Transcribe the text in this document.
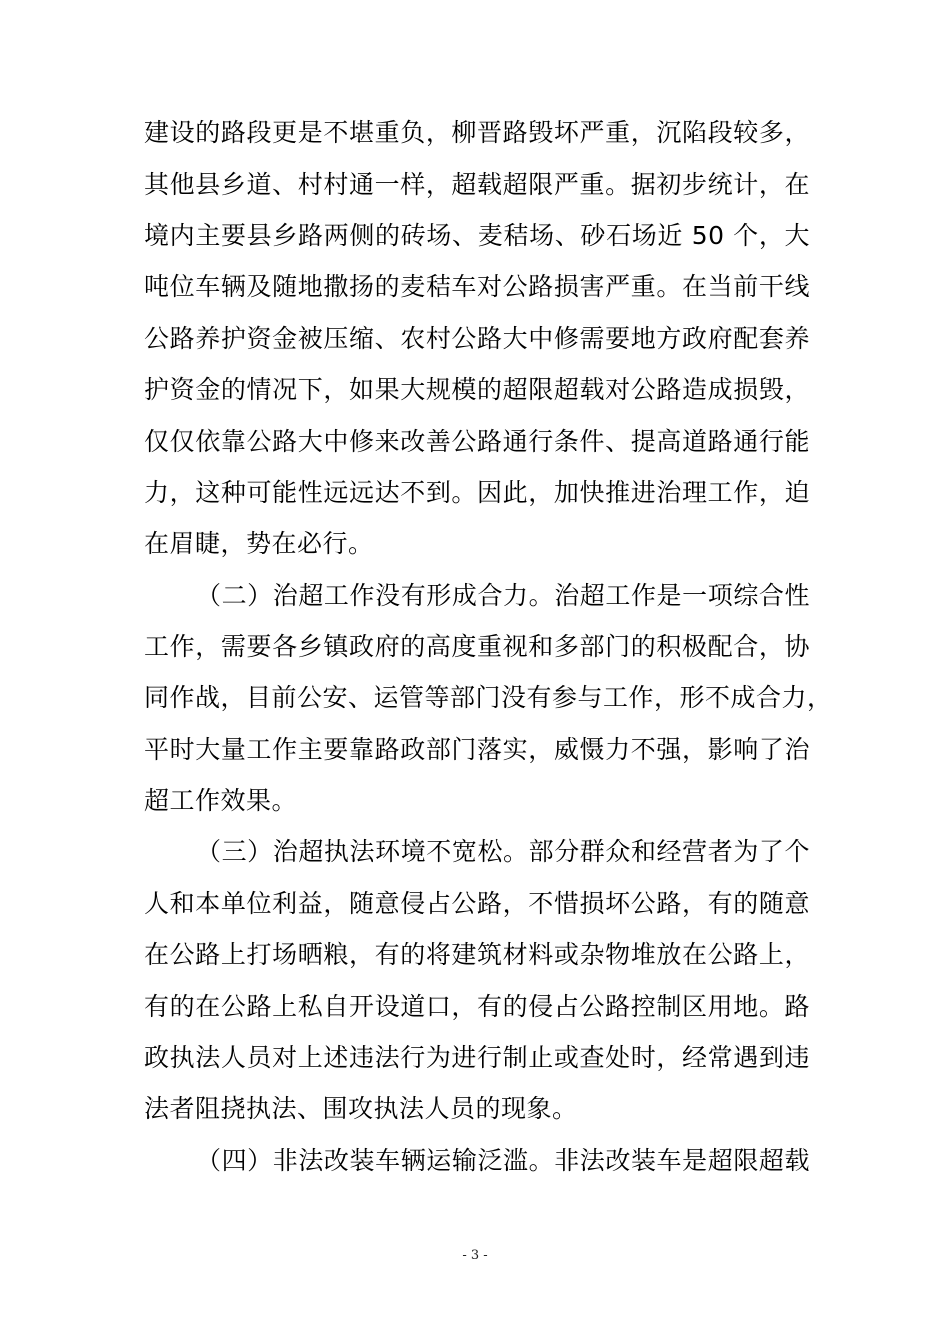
建设的路段更是不堪重负，柳晋路毁坏严重，沉陷段较多，
其他县乡道、村村通一样，超载超限严重。据初步统计，在
境内主要县乡路两侧的砖场、麦秸场、砂石场近 50 个，大
吨位车辆及随地撒扬的麦秸车对公路损害严重。在当前干线
公路养护资金被压缩、农村公路大中修需要地方政府配套养
护资金的情况下，如果大规模的超限超载对公路造成损毁，
仅仅依靠公路大中修来改善公路通行条件、提高道路通行能
力，这种可能性远远达不到。因此，加快推进治理工作，迫
在眉睫，势在必行。
（二）治超工作没有形成合力。治超工作是一项综合性
工作，需要各乡镇政府的高度重视和多部门的积极配合，协
同作战，目前公安、运管等部门没有参与工作，形不成合力，
平时大量工作主要靠路政部门落实，威慑力不强，影响了治
超工作效果。
（三）治超执法环境不宽松。部分群众和经营者为了个
人和本单位利益，随意侵占公路，不惜损坏公路，有的随意
在公路上打场晒粮，有的将建筑材料或杂物堆放在公路上，
有的在公路上私自开设道口，有的侵占公路控制区用地。路
政执法人员对上述违法行为进行制止或查处时，经常遇到违
法者阻挠执法、围攻执法人员的现象。
（四）非法改装车辆运输泛滥。非法改装车是超限超载
- 3 -
